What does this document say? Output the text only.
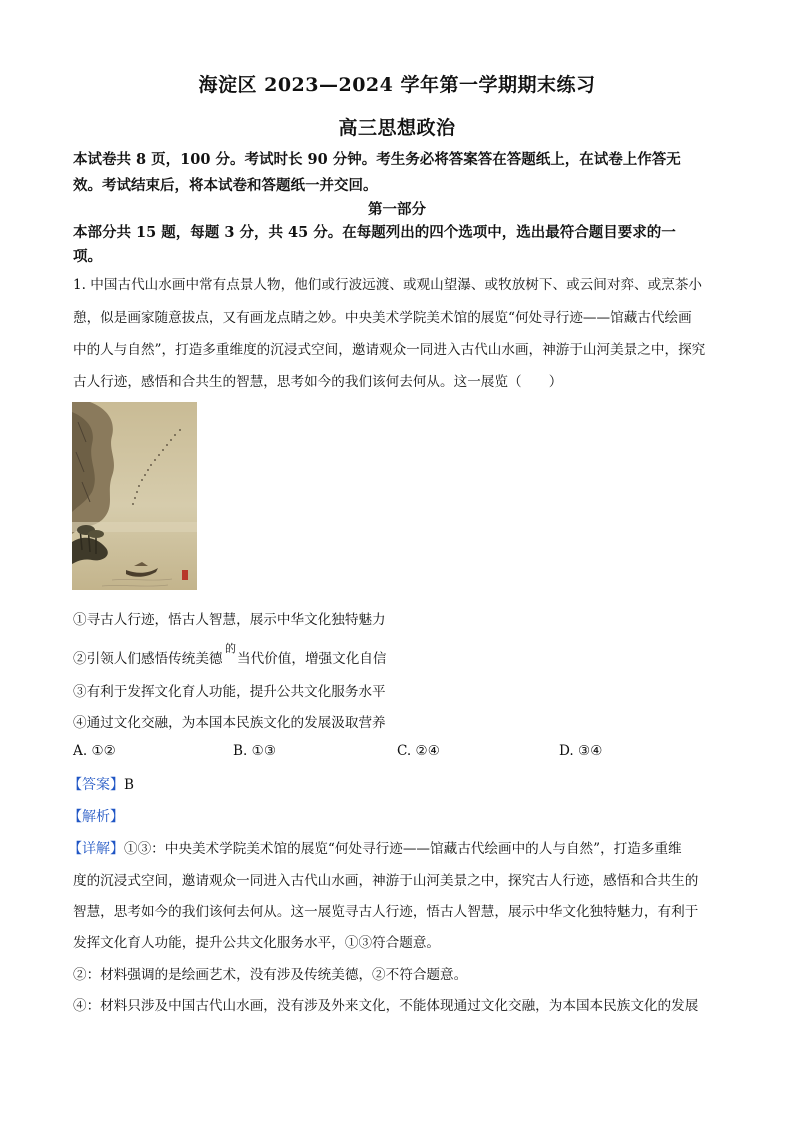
海淀区 2023—2024 学年第一学期期末练习
高三思想政治
本试卷共 8 页，100 分。考试时长 90 分钟。考生务必将答案答在答题纸上，在试卷上作答无
效。考试结束后，将本试卷和答题纸一并交回。
第一部分
本部分共 15 题，每题 3 分，共 45 分。在每题列出的四个选项中，选出最符合题目要求的一
项。
1. 中国古代山水画中常有点景人物，他们或行波远渡、或观山望瀑、或牧放树下、或云间对弈、或烹茶小
憩，似是画家随意拔点，又有画龙点睛之妙。中央美术学院美术馆的展览“何处寻行迹——馆藏古代绘画
中的人与自然”，打造多重维度的沉浸式空间，邀请观众一同进入古代山水画，神游于山河美景之中，探究
古人行迹，感悟和合共生的智慧，思考如今的我们该何去何从。这一展览（　　）
①寻古人行迹，悟古人智慧，展示中华文化独特魅力
②引领人们感悟传统美德
的
当代价值，增强文化自信
③有利于发挥文化育人功能，提升公共文化服务水平
④通过文化交融，为本国本民族文化的发展汲取营养
A. ①②	B. ①③	C. ②④	D. ③④
【答案】B
【解析】
【详解】①③：中央美术学院美术馆的展览“何处寻行迹——馆藏古代绘画中的人与自然”，打造多重维
度的沉浸式空间，邀请观众一同进入古代山水画，神游于山河美景之中，探究古人行迹，感悟和合共生的
智慧，思考如今的我们该何去何从。这一展览寻古人行迹，悟古人智慧，展示中华文化独特魅力，有利于
发挥文化育人功能，提升公共文化服务水平，①③符合题意。
②：材料强调的是绘画艺术，没有涉及传统美德，②不符合题意。
④：材料只涉及中国古代山水画，没有涉及外来文化，不能体现通过文化交融，为本国本民族文化的发展
